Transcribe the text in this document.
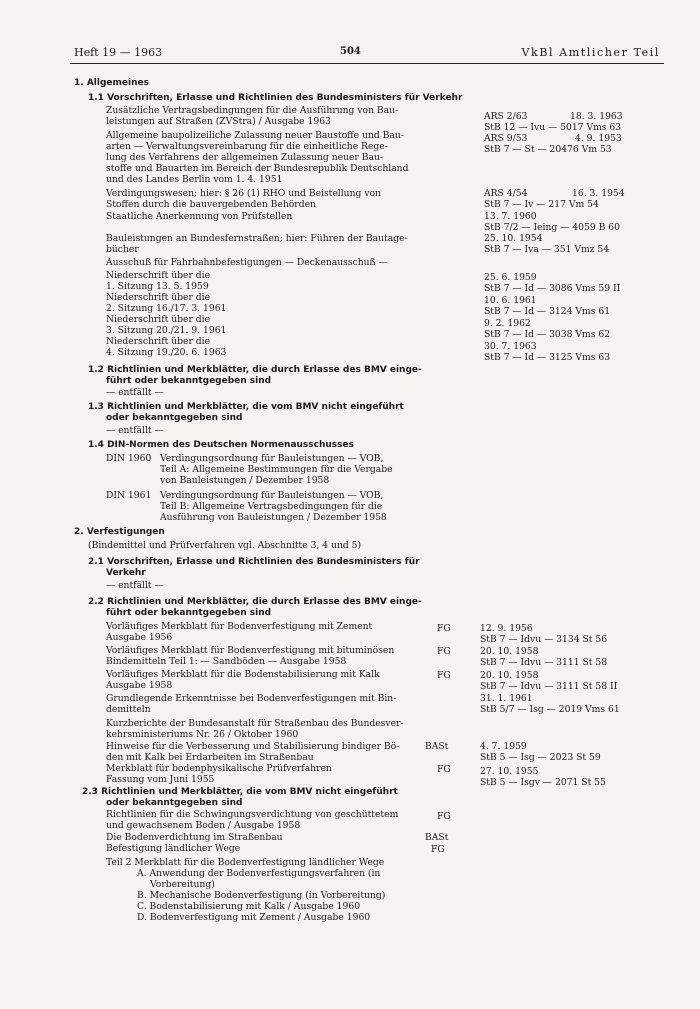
Heft 19 — 1963	504	VkBl Amtlicher Teil
1. Allgemeines
1.1 Vorschriften, Erlasse und Richtlinien des Bundesministers für Verkehr
Zusätzliche Vertragsbedingungen für die Ausführung von Bau-
leistungen auf Straßen (ZVStra) / Ausgabe 1963	ARS 2/63	18. 3. 1963
StB 12 — Ivu — 5017 Vms 63
Allgemeine baupolizeiliche Zulassung neuer Baustoffe und Bau-
arten — Verwaltungsvereinbarung für die einheitliche Rege-
lung des Verfahrens der allgemeinen Zulassung neuer Bau-
stoffe und Bauarten im Bereich der Bundesrepublik Deutschland
und des Landes Berlin vom 1. 4. 1951
ARS 9/53	4. 9. 1953
StB 7 — St — 20476 Vm 53
Verdingungswesen; hier: § 26 (1) RHO und Beistellung von
Stoffen durch die bauvergebenden Behörden
ARS 4/54	16. 3. 1954
StB 7 — Iv — 217 Vm 54
Staatliche Anerkennung von Prüfstellen	13. 7. 1960
StB 7/2 — Ieing — 4059 B 60
Bauleistungen an Bundesfernstraßen; hier: Führen der Bautage-
bücher
25. 10. 1954
StB 7 — Iva — 351 Vmz 54
Ausschuß für Fahrbahnbefestigungen — Deckenausschuß —
Niederschrift über die
1. Sitzung 13. 5. 1959
25. 6. 1959
StB 7 — Id — 3086 Vms 59 II
Niederschrift über die
2. Sitzung 16./17. 3. 1961
10. 6. 1961
StB 7 — Id — 3124 Vms 61
Niederschrift über die
3. Sitzung 20./21. 9. 1961
9. 2. 1962
StB 7 — Id — 3038 Vms 62
Niederschrift über die
4. Sitzung 19./20. 6. 1963
30. 7. 1963
StB 7 — Id — 3125 Vms 63
1.2 Richtlinien und Merkblätter, die durch Erlasse des BMV einge-
führt oder bekanntgegeben sind
— entfällt —
1.3 Richtlinien und Merkblätter, die vom BMV nicht eingeführt
oder bekanntgegeben sind
— entfällt —
1.4 DIN-Normen des Deutschen Normenausschusses
DIN 1960 Verdingungsordnung für Bauleistungen — VOB,
Teil A: Allgemeine Bestimmungen für die Vergabe
von Bauleistungen / Dezember 1958
DIN 1961 Verdingungsordnung für Bauleistungen — VOB,
Teil B: Allgemeine Vertragsbedingungen für die
Ausführung von Bauleistungen / Dezember 1958
2. Verfestigungen
(Bindemittel und Prüfverfahren vgl. Abschnitte 3, 4 und 5)
2.1 Vorschriften, Erlasse und Richtlinien des Bundesministers für
Verkehr
— entfällt —
2.2 Richtlinien und Merkblätter, die durch Erlasse des BMV einge-
führt oder bekanntgegeben sind
Vorläufiges Merkblatt für Bodenverfestigung mit Zement
Ausgabe 1956
FG	12. 9. 1956
StB 7 — Idvu — 3134 St 56
Vorläufiges Merkblatt für Bodenverfestigung mit bituminösen
Bindemitteln Teil 1: — Sandböden — Ausgabe 1958
FG	20. 10. 1958
StB 7 — Idvu — 3111 St 58
Vorläufiges Merkblatt für die Bodenstabilisierung mit Kalk
Ausgabe 1958
FG	20. 10. 1958
StB 7 — Idvu — 3111 St 58 II
Grundlegende Erkenntnisse bei Bodenverfestigungen mit Bin-
demitteln
31. 1. 1961
StB 5/7 — Isg — 2019 Vms 61
Kurzberichte der Bundesanstalt für Straßenbau des Bundesver-
kehrsministeriums Nr. 26 / Oktober 1960
Hinweise für die Verbesserung und Stabilisierung bindiger Bö-
den mit Kalk bei Erdarbeiten im Straßenbau
BASt	4. 7. 1959
StB 5 — Isg — 2023 St 59
Merkblatt für bodenphysikalische Prüfverfahren
Fassung vom Juni 1955
FG	27. 10. 1955
StB 5 — Isgv — 2071 St 55
2.3 Richtlinien und Merkblätter, die vom BMV nicht eingeführt
oder bekanntgegeben sind
Richtlinien für die Schwingungsverdichtung von geschüttetem
und gewachsenem Boden / Ausgabe 1958
FG
Die Bodenverdichtung im Straßenbau	BASt
Befestigung ländlicher Wege	FG
Teil 2 Merkblatt für die Bodenverfestigung ländlicher Wege
A. Anwendung der Bodenverfestigungsverfahren (in
Vorbereitung)
B. Mechanische Bodenverfestigung (in Vorbereitung)
C. Bodenstabilisierung mit Kalk / Ausgabe 1960
D. Bodenverfestigung mit Zement / Ausgabe 1960
